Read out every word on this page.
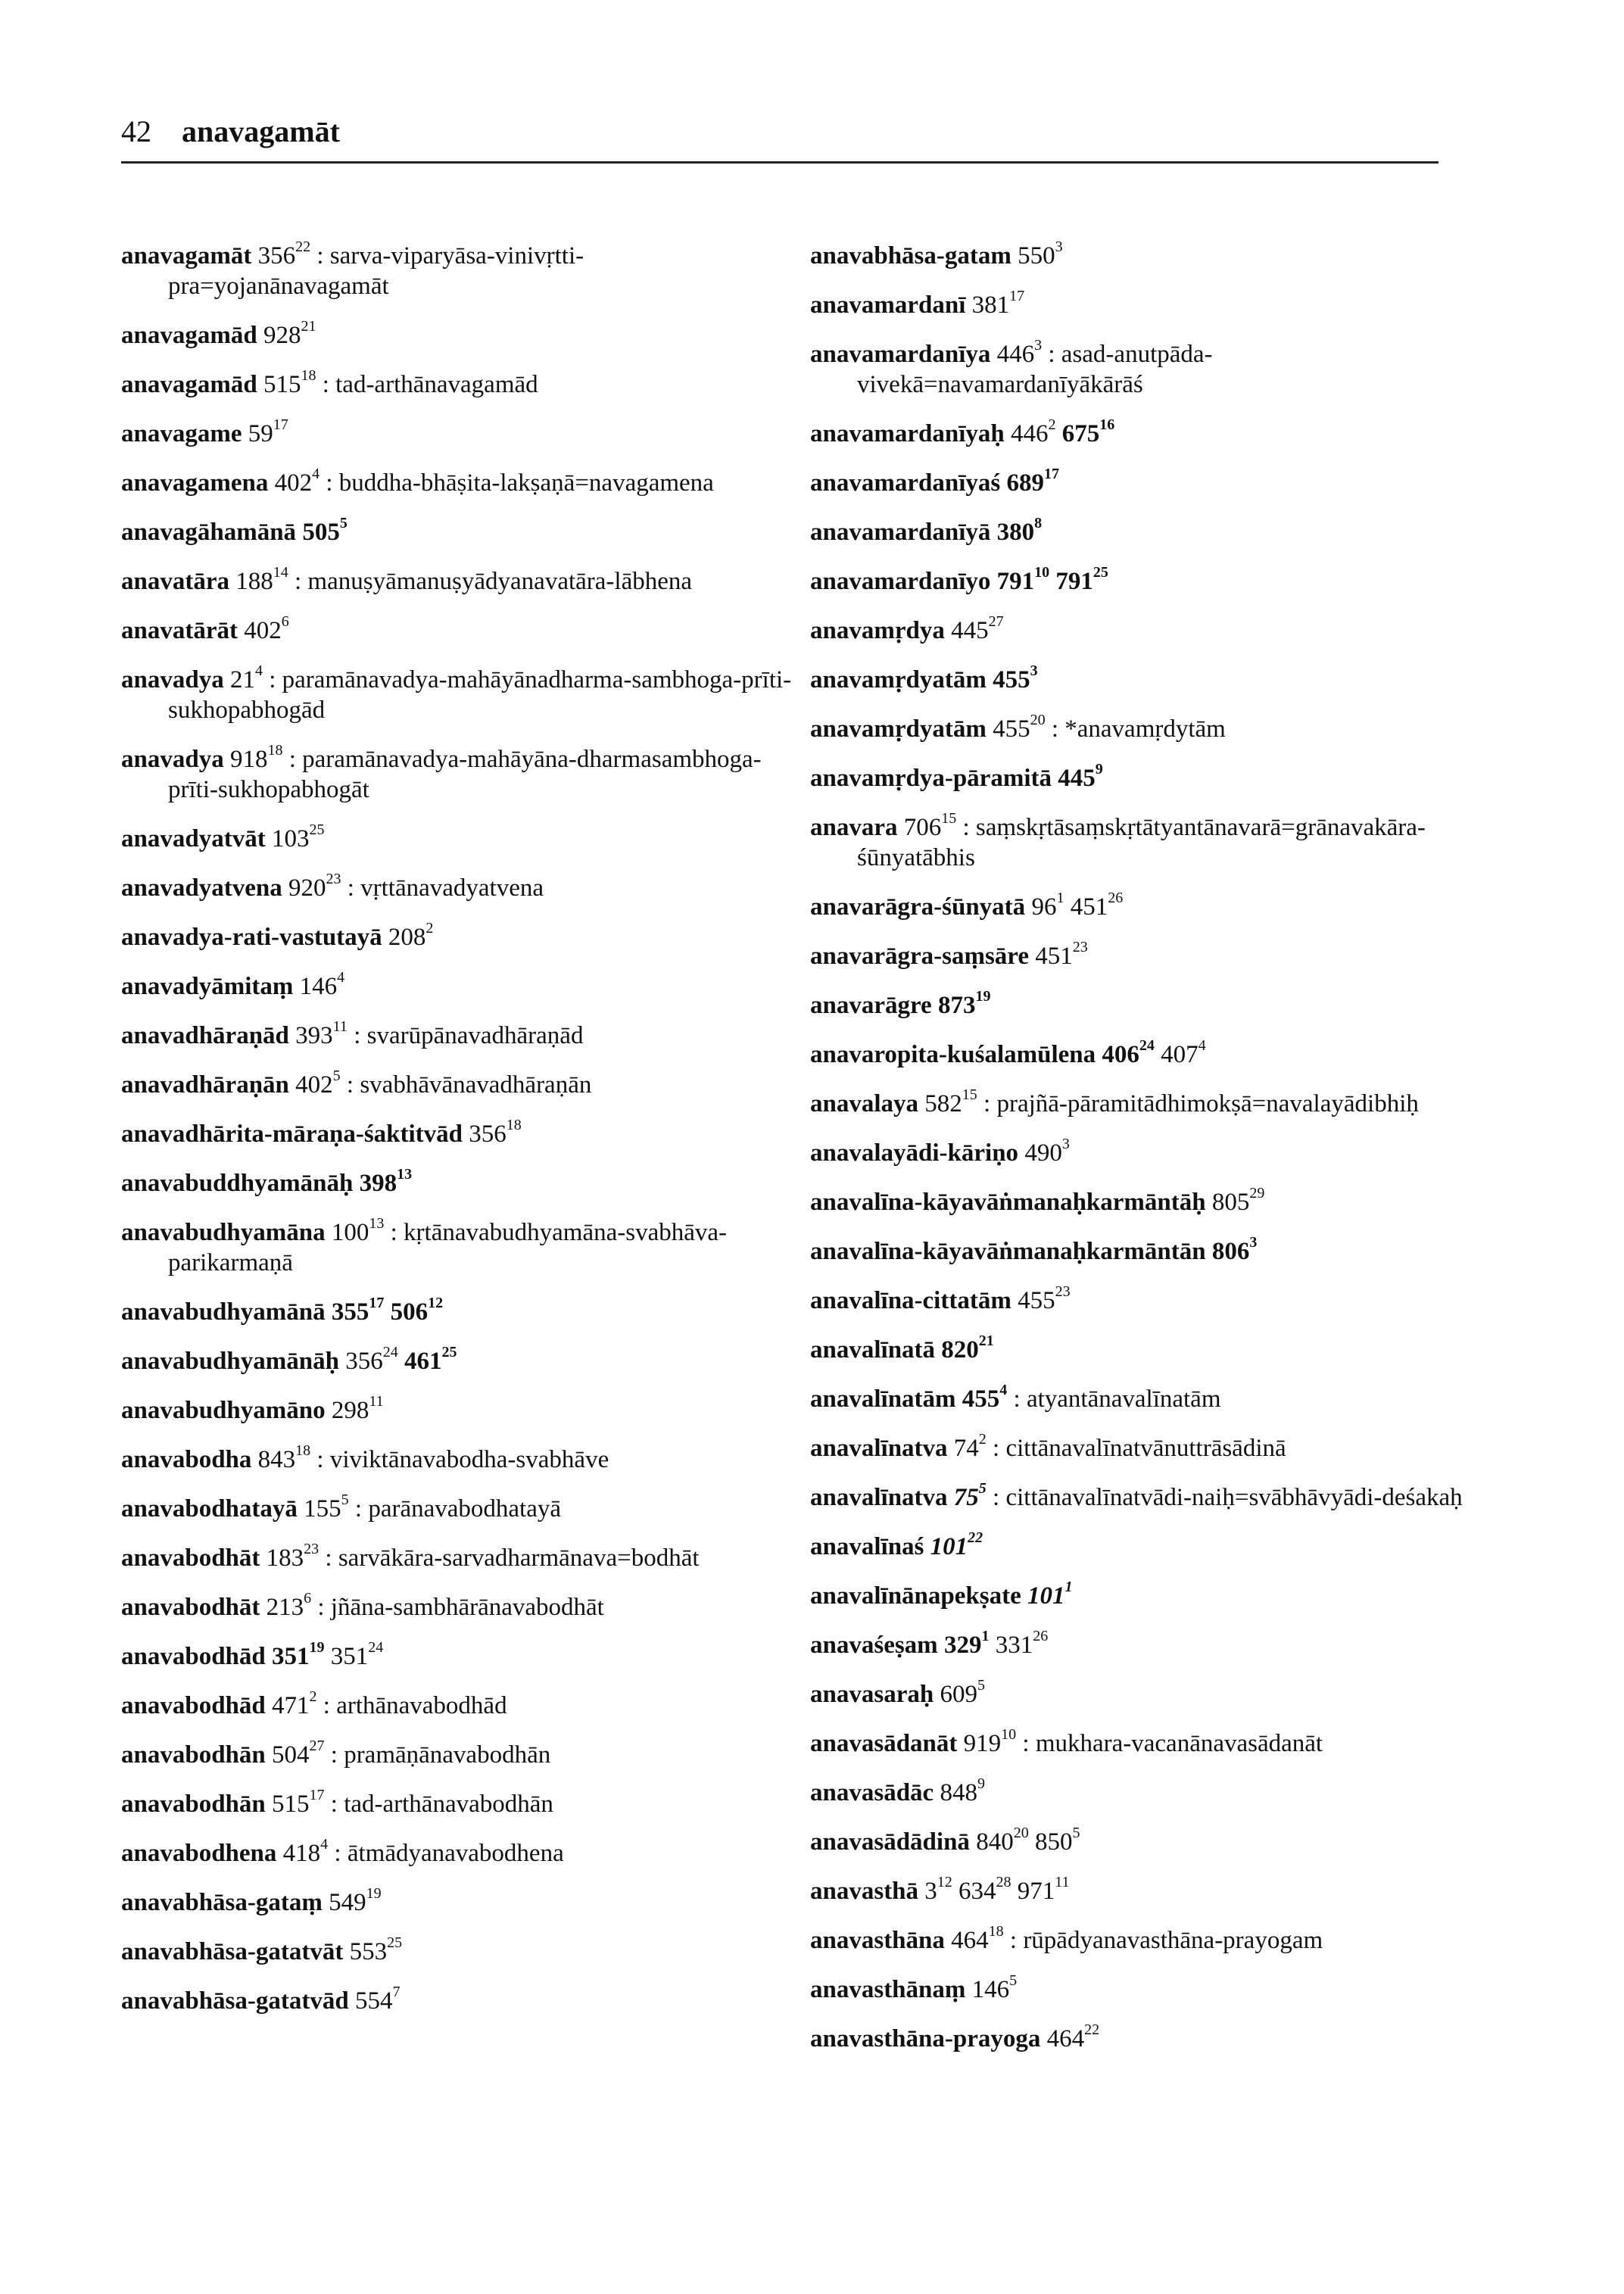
42 anavagamāt
anavagamāt $356^{22}$ : sarva-viparyāsa-vinivṛtti-pra=yojanānavagamāt
anavagamād $928^{21}$
anavagamād $515^{18}$ : tad-arthānavagamād
anavagame $59^{17}$
anavagamena $402^4$ : buddha-bhāṣita-lakṣaṇā=navagamena
anavagāhamānā $505^5$
anavatāra $188^{14}$ : manuṣyāmanuṣyādyanavatāra-lābhena
anavatārāt $402^6$
anavadya $21^4$ : paramānavadya-mahāyānadharma-sambhoga-prīti-sukhopabhogād
anavadya $918^{18}$ : paramānavadya-mahāyāna-dharmasambhoga-prīti-sukhopabhogāt
anavadyatvāt $103^{25}$
anavadyatvena $920^{23}$ : vṛttānavadyatvena
anavadya-rati-vastutayā $208^2$
anavadyāmitaṃ $146^4$
anavadhāraṇād $393^{11}$ : svarūpānavadhāraṇād
anavadhāraṇān $402^5$ : svabhāvānavadhāraṇān
anavadhārita-māraṇa-śaktitvād $356^{18}$
anavabuddhyamānāḥ $398^{13}$
anavabudhyamāna $100^{13}$ : kṛtānavabudhyamāna-svabhāva-parikarmaṇā
anavabudhyamānā $355^{17}$ $506^{12}$
anavabudhyamānāḥ $356^{24}$ $461^{25}$
anavabudhyamāno $298^{11}$
anavabodha $843^{18}$ : viviktānavabodha-svabhāve
anavabodhatayā $155^5$ : parānavabodhatayā
anavabodhāt $183^{23}$ : sarvākāra-sarvadharmānava=bodhāt
anavabodhāt $213^6$ : jñāna-sambhārānavabodhāt
anavabodhād $351^{19}$ $351^{24}$
anavabodhād $471^2$ : arthānavabodhād
anavabodhān $504^{27}$ : pramāṇānavabodhān
anavabodhān $515^{17}$ : tad-arthānavabodhān
anavabodhena $418^4$ : ātmādyanavabodhena
anavabhāsa-gataṃ $549^{19}$
anavabhāsa-gatatvāt $553^{25}$
anavabhāsa-gatatvād $554^7$
anavabhāsa-gatam $550^3$
anavamardanī $381^{17}$
anavamardanīya $446^3$ : asad-anutpāda-vivekā=navamardanīyākārāś
anavamardanīyaḥ $446^2$ $675^{16}$
anavamardanīyaś $689^{17}$
anavamardanīyā $380^8$
anavamardanīyo $791^{10}$ $791^{25}$
anavamṛdya $445^{27}$
anavamṛdyatām $455^3$
anavamṛdyatām $455^{20}$ : *anavamṛdytām
anavamṛdya-pāramitā $445^9$
anavara $706^{15}$ : saṃskṛtāsaṃskṛtātyantānavarā=grānavakāra-śūnyatābhis
anavarāgra-śūnyatā $96^1$ $451^{26}$
anavarāgra-saṃsāre $451^{23}$
anavarāgre $873^{19}$
anavaropita-kuśalamūlena $406^{24}$ $407^4$
anavalaya $582^{15}$ : prajñā-pāramitādhimokṣā=navalayādibhiḥ
anavalayādi-kāriṇo $490^3$
anavalīna-kāyavāṅmanaḥkarmāntāḥ $805^{29}$
anavalīna-kāyavāṅmanaḥkarmāntān $806^3$
anavalīna-cittatām $455^{23}$
anavalīnatā $820^{21}$
anavalīnatām $455^4$ : atyantānavalīnatām
anavalīnatva $74^2$ : cittānavalīnatvānuttrāsādinā
anavalīnatva $75^5$ : cittānavalīnatvādi-naiḥ=svābhāvyādi-deśakaḥ
anavalīnaś $101^{22}$
anavalīnānapekṣate $101^1$
anavaśeṣam $329^1$ $331^{26}$
anavasaraḥ $609^5$
anavasādanāt $919^{10}$ : mukhara-vacanānavasādanāt
anavasādāc $848^9$
anavasādādinā $840^{20}$ $850^5$
anavasthā $3^{12}$ $634^{28}$ $971^{11}$
anavasthāna $464^{18}$ : rūpādyanavasthāna-prayogam
anavasthānaṃ $146^5$
anavasthāna-prayoga $464^{22}$
